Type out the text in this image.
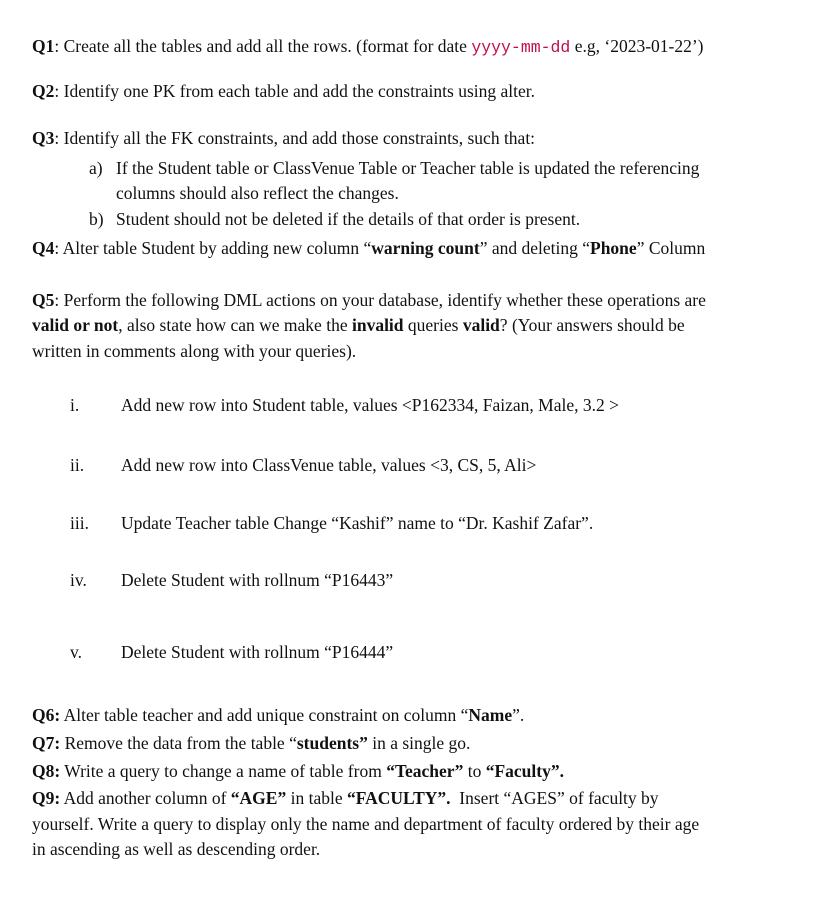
Q1: Create all the tables and add all the rows. (format for date yyyy-mm-dd e.g, ‘2023-01-22’)
Q2: Identify one PK from each table and add the constraints using alter.
Q3: Identify all the FK constraints, and add those constraints, such that:
a) If the Student table or ClassVenue Table or Teacher table is updated the referencing
columns should also reflect the changes.
b) Student should not be deleted if the details of that order is present.
Q4: Alter table Student by adding new column “warning count” and deleting “Phone” Column
Q5: Perform the following DML actions on your database, identify whether these operations are
valid or not, also state how can we make the invalid queries valid? (Your answers should be
written in comments along with your queries).
i. Add new row into Student table, values <P162334, Faizan, Male, 3.2 >
ii. Add new row into ClassVenue table, values <3, CS, 5, Ali>
iii. Update Teacher table Change “Kashif” name to “Dr. Kashif Zafar”.
iv. Delete Student with rollnum “P16443”
v. Delete Student with rollnum “P16444”
Q6: Alter table teacher and add unique constraint on column “Name”.
Q7: Remove the data from the table “students” in a single go.
Q8: Write a query to change a name of table from “Teacher” to “Faculty”.
Q9: Add another column of “AGE” in table “FACULTY”.  Insert “AGES” of faculty by
yourself. Write a query to display only the name and department of faculty ordered by their age
in ascending as well as descending order.
